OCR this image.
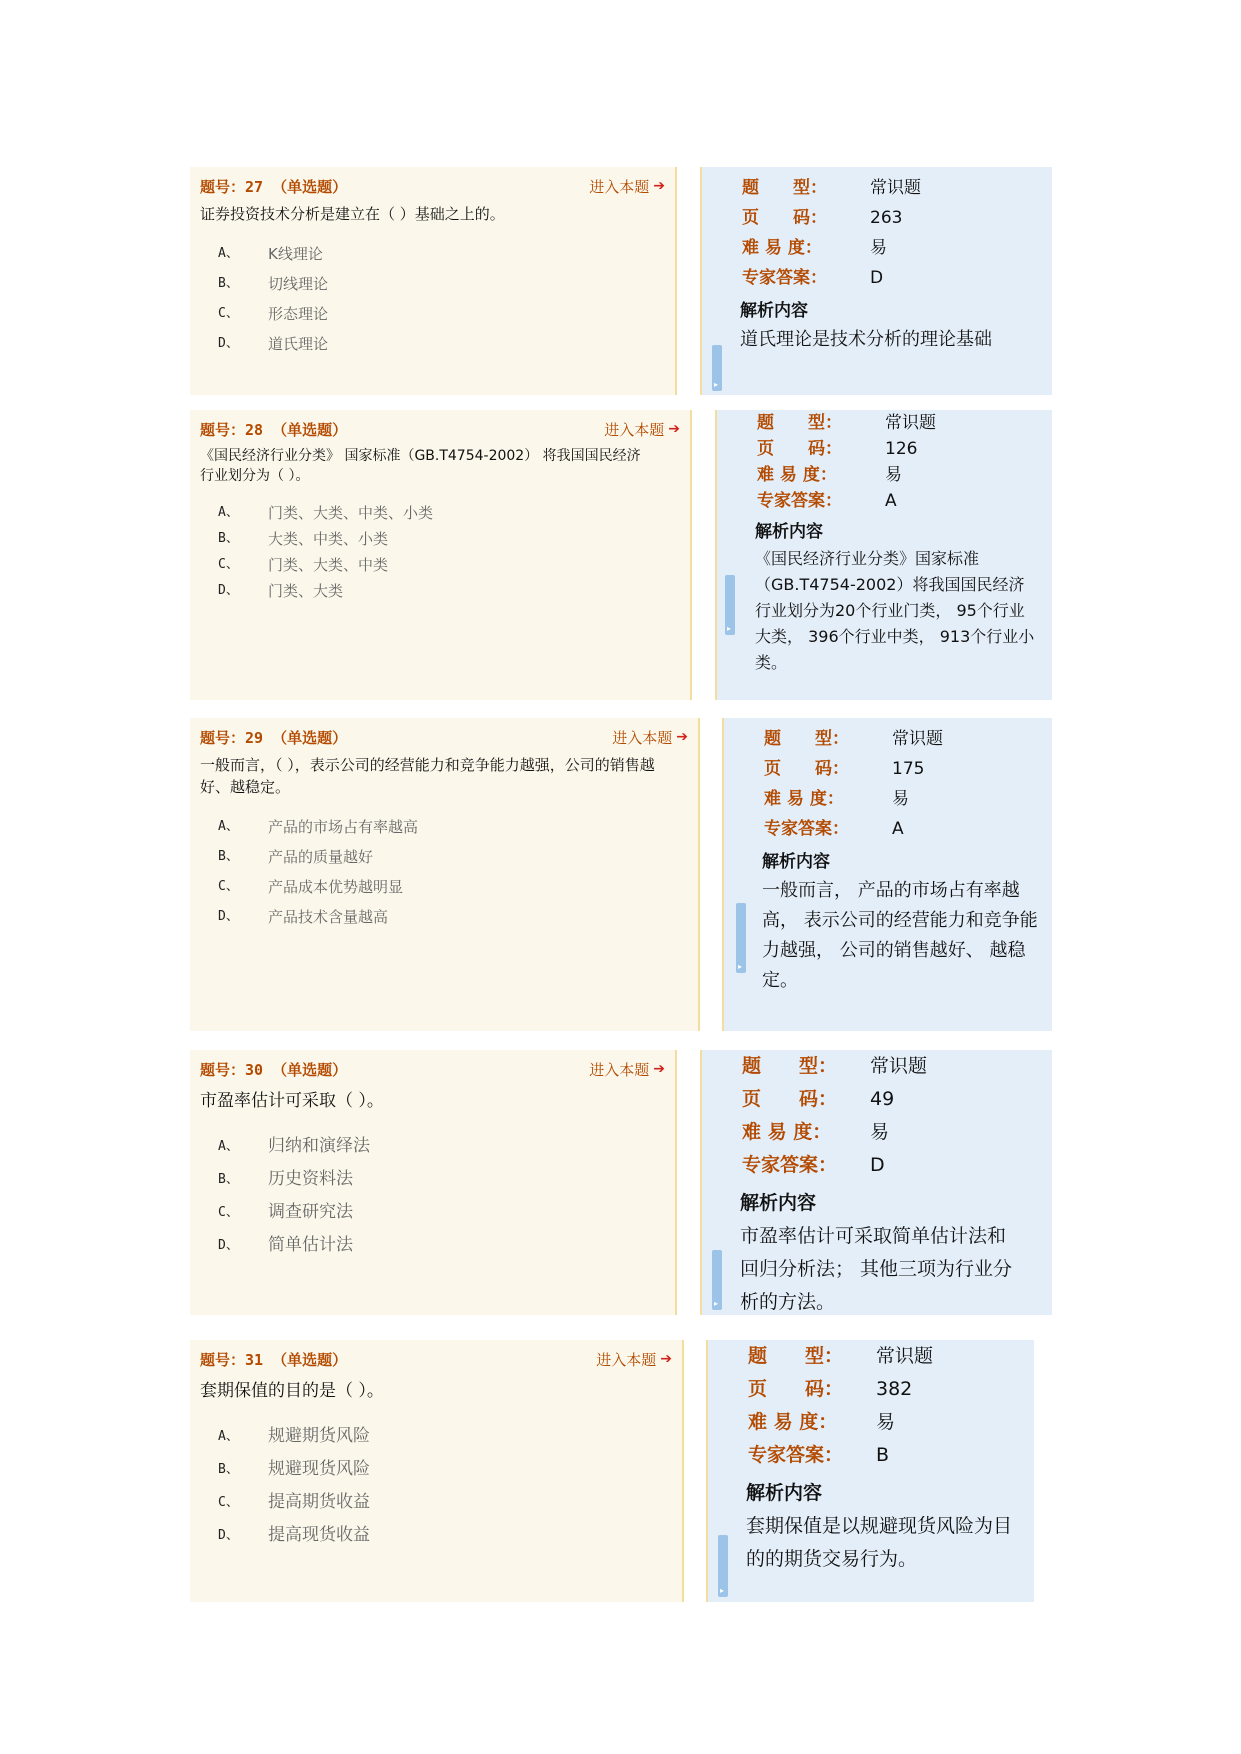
题号：27 （单选题）	进入本题 ➔
证券投资技术分析是建立在（ ）基础之上的。
A、	K线理论
B、	切线理论
C、	形态理论
D、	道氏理论
题　　型：	常识题
页　　码：	263
难 易 度：	易
专家答案：	D
解析内容
道氏理论是技术分析的理论基础
▸
题号：28 （单选题）	进入本题 ➔
《国民经济行业分类》 国家标准（GB.T4754-2002） 将我国国民经济行业划分为（ ）。
A、	门类、大类、中类、小类
B、	大类、中类、小类
C、	门类、大类、中类
D、	门类、大类
题　　型：	常识题
页　　码：	126
难 易 度：	易
专家答案：	A
解析内容
《国民经济行业分类》国家标准 （GB.T4754-2002）将我国国民经济行业划分为20个行业门类， 95个行业大类， 396个行业中类， 913个行业小类。
▸
题号：29 （单选题）	进入本题 ➔
一般而言，（ ），表示公司的经营能力和竞争能力越强，公司的销售越好、越稳定。
A、	产品的市场占有率越高
B、	产品的质量越好
C、	产品成本优势越明显
D、	产品技术含量越高
题　　型：	常识题
页　　码：	175
难 易 度：	易
专家答案：	A
解析内容
一般而言， 产品的市场占有率越高， 表示公司的经营能力和竞争能力越强， 公司的销售越好、 越稳定。
▸
题号：30 （单选题）	进入本题 ➔
市盈率估计可采取（ ）。
A、	归纳和演绎法
B、	历史资料法
C、	调查研究法
D、	简单估计法
题　　型：	常识题
页　　码：	49
难 易 度：	易
专家答案：	D
解析内容
市盈率估计可采取简单估计法和回归分析法； 其他三项为行业分析的方法。
▸
题号：31 （单选题）	进入本题 ➔
套期保值的目的是（ ）。
A、	规避期货风险
B、	规避现货风险
C、	提高期货收益
D、	提高现货收益
题　　型：	常识题
页　　码：	382
难 易 度：	易
专家答案：	B
解析内容
套期保值是以规避现货风险为目的的期货交易行为。
▸
